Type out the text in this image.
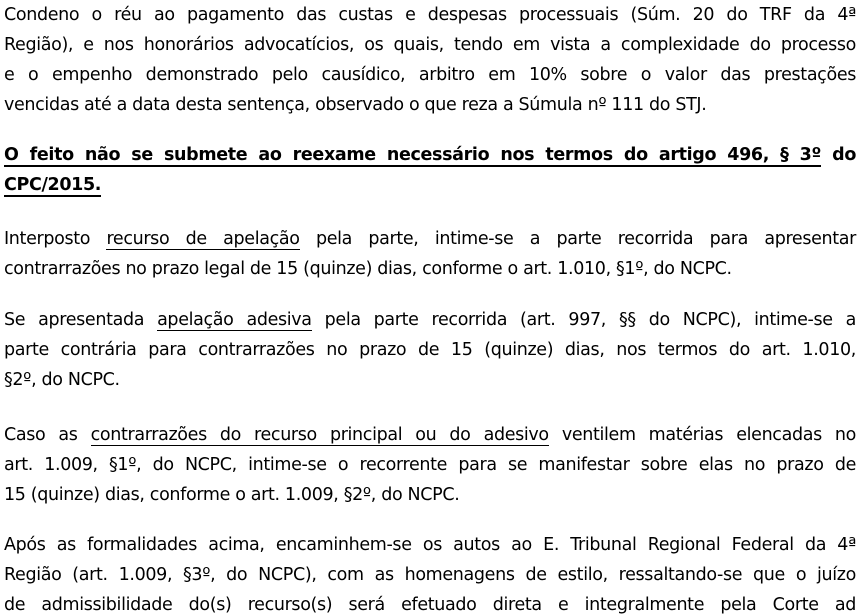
Condeno o réu ao pagamento das custas e despesas processuais (Súm. 20 do TRF da 4ª
Região), e nos honorários advocatícios, os quais, tendo em vista a complexidade do processo
e o empenho demonstrado pelo causídico, arbitro em 10% sobre o valor das prestações
vencidas até a data desta sentença, observado o que reza a Súmula nº 111 do STJ.
O feito não se submete ao reexame necessário nos termos do artigo 496, § 3º do
CPC/2015.
Interposto recurso de apelação pela parte, intime-se a parte recorrida para apresentar
contrarrazões no prazo legal de 15 (quinze) dias, conforme o art. 1.010, §1º, do NCPC.
Se apresentada apelação adesiva pela parte recorrida (art. 997, §§ do NCPC), intime-se a
parte contrária para contrarrazões no prazo de 15 (quinze) dias, nos termos do art. 1.010,
§2º, do NCPC.
Caso as contrarrazões do recurso principal ou do adesivo ventilem matérias elencadas no
art. 1.009, §1º, do NCPC, intime-se o recorrente para se manifestar sobre elas no prazo de
15 (quinze) dias, conforme o art. 1.009, §2º, do NCPC.
Após as formalidades acima, encaminhem-se os autos ao E. Tribunal Regional Federal da 4ª
Região (art. 1.009, §3º, do NCPC), com as homenagens de estilo, ressaltando-se que o juízo
de admissibilidade do(s) recurso(s) será efetuado direta e integralmente pela Corte ad
